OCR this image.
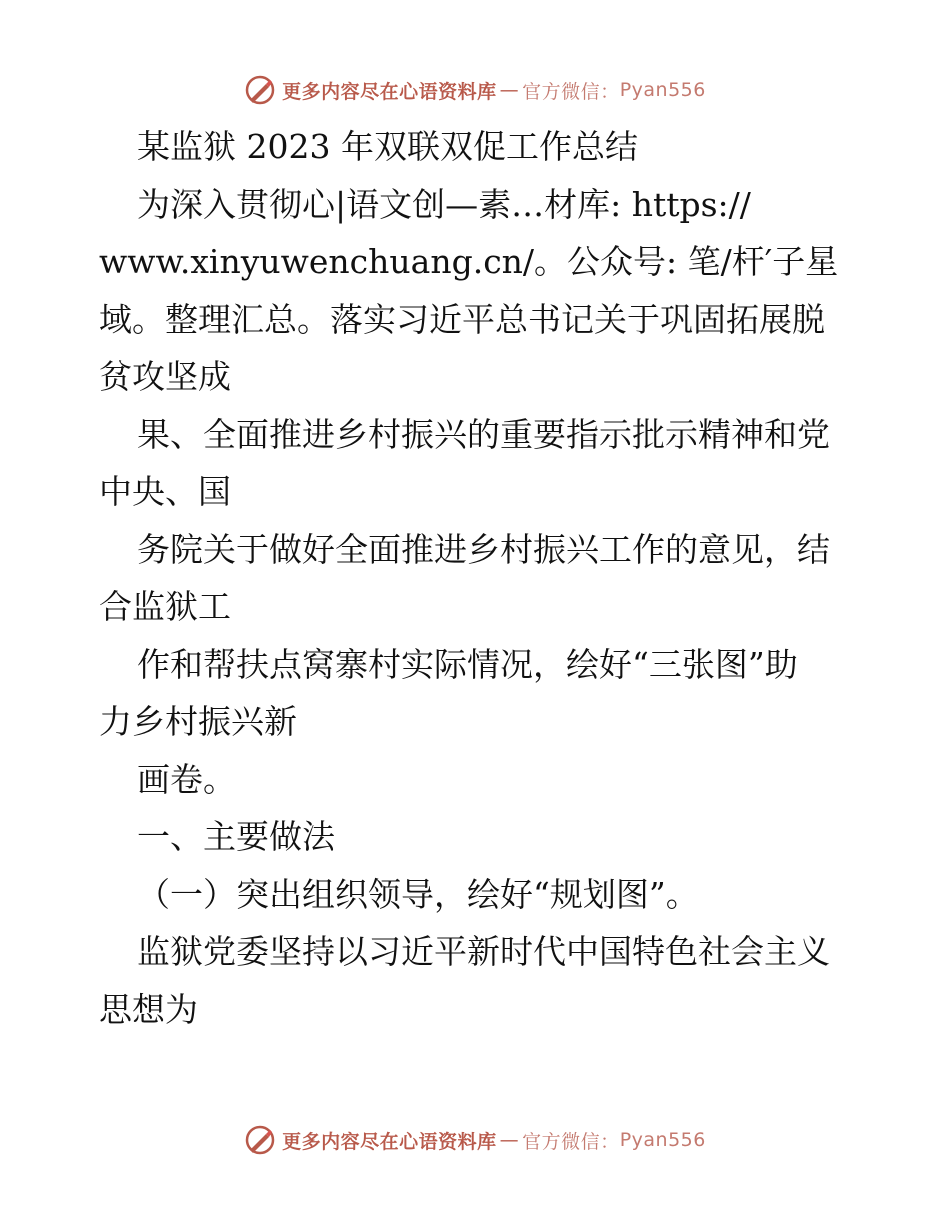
更多内容尽在心语资料库 — 官方微信： Pyan556
某监狱 2023 年双联双促工作总结
为深入贯彻心|语文创—素…材库: https://
www.xinyuwenchuang.cn/。公众号: 笔/杆′子星
域。整理汇总。落实习近平总书记关于巩固拓展脱
贫攻坚成
果、全面推进乡村振兴的重要指示批示精神和党
中央、国
务院关于做好全面推进乡村振兴工作的意见，结
合监狱工
作和帮扶点窝寨村实际情况，绘好“三张图”助
力乡村振兴新
画卷。
一、主要做法
（一）突出组织领导，绘好“规划图”。
监狱党委坚持以习近平新时代中国特色社会主义
思想为
更多内容尽在心语资料库 — 官方微信： Pyan556
